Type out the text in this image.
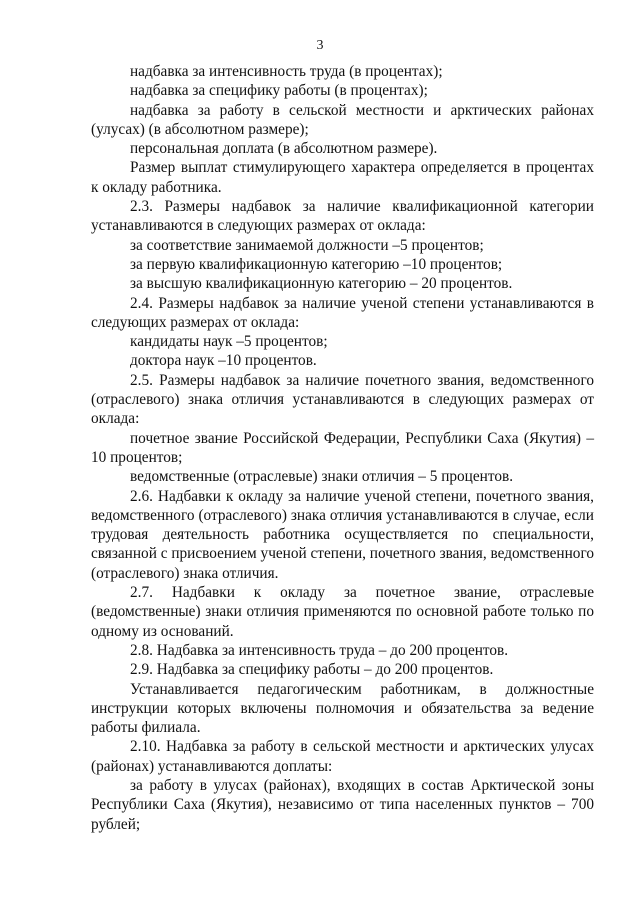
3

надбавка за интенсивность труда (в процентах);

надбавка за специфику работы (в процентах);

надбавка за работу в сельской местности и арктических районах (улусах) (в абсолютном размере);

персональная доплата (в абсолютном размере).

Размер выплат стимулирующего характера определяется в процентах к окладу работника.

2.3. Размеры надбавок за наличие квалификационной категории устанавливаются в следующих размерах от оклада:

за соответствие занимаемой должности –5 процентов;

за первую квалификационную категорию –10 процентов;

за высшую квалификационную категорию – 20 процентов.

2.4. Размеры надбавок за наличие ученой степени устанавливаются в следующих размерах от оклада:

кандидаты наук –5 процентов;

доктора наук –10 процентов.

2.5. Размеры надбавок за наличие почетного звания, ведомственного (отраслевого) знака отличия устанавливаются в следующих размерах от оклада:

почетное звание Российской Федерации, Республики Саха (Якутия) – 10 процентов;

ведомственные (отраслевые) знаки отличия – 5 процентов.

2.6. Надбавки к окладу за наличие ученой степени, почетного звания, ведомственного (отраслевого) знака отличия устанавливаются в случае, если трудовая деятельность работника осуществляется по специальности, связанной с присвоением ученой степени, почетного звания, ведомственного (отраслевого) знака отличия.

2.7. Надбавки к окладу за почетное звание, отраслевые (ведомственные) знаки отличия применяются по основной работе только по одному из оснований.

2.8. Надбавка за интенсивность труда – до 200 процентов.

2.9. Надбавка за специфику работы – до 200 процентов.

Устанавливается педагогическим работникам, в должностные инструкции которых включены полномочия и обязательства за ведение работы филиала.

2.10. Надбавка за работу в сельской местности и арктических улусах (районах) устанавливаются доплаты:

за работу в улусах (районах), входящих в состав Арктической зоны Республики Саха (Якутия), независимо от типа населенных пунктов – 700 рублей;
